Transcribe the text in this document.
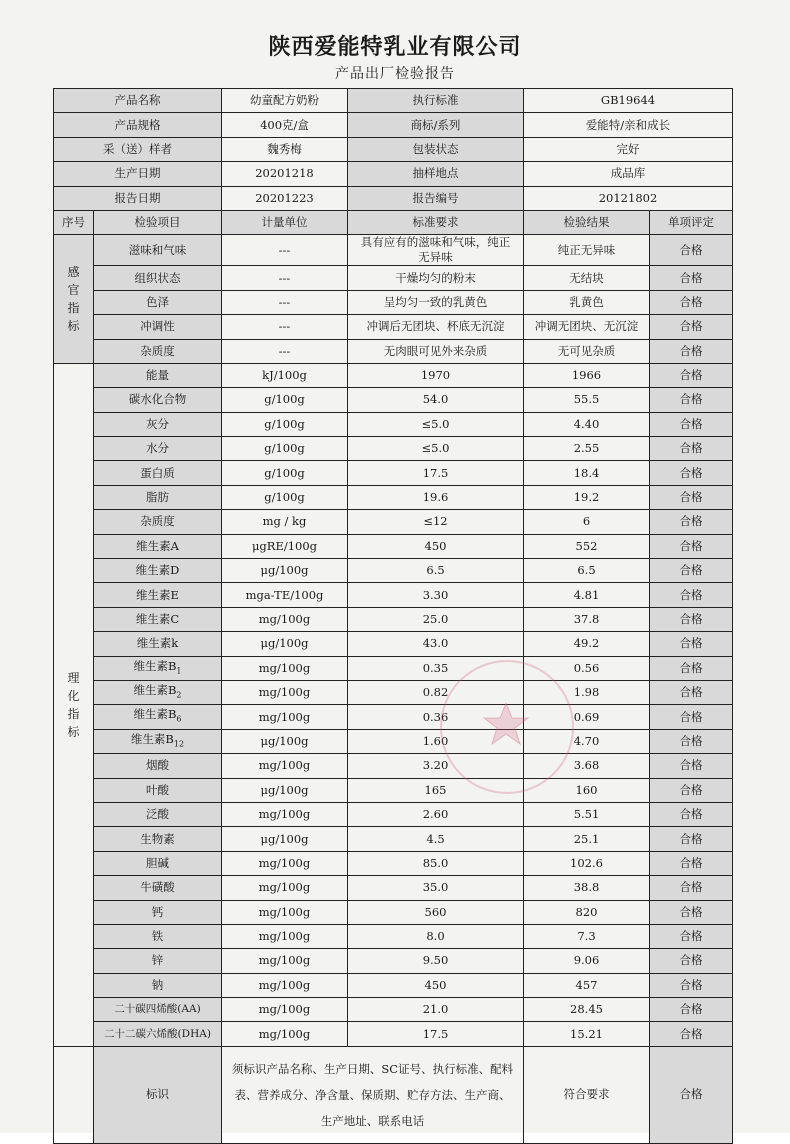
陕西爱能特乳业有限公司
产品出厂检验报告
产品名称		幼童配方奶粉	执行标准	GB19644	
产品规格		400克/盒	商标/系列	爱能特/亲和成长	
采（送）样者		魏秀梅	包装状态	完好	
生产日期		20201218	抽样地点	成品库	
报告日期		20201223	报告编号	20121802	
序号	检验项目	计量单位	标准要求	检验结果	单项评定
感
官
指
标	滋味和气味	---	具有应有的滋味和气味，纯正无异味	纯正无异味	合格
	组织状态	---	干燥均匀的粉末	无结块	合格
	色泽	---	呈均匀一致的乳黄色	乳黄色	合格
	冲调性	---	冲调后无团块、杯底无沉淀	冲调无团块、无沉淀	合格
	杂质度	---	无肉眼可见外来杂质	无可见杂质	合格
理
化
指
标	能量	kJ/100g	1970	1966	合格
	碳水化合物	g/100g	54.0	55.5	合格
	灰分	g/100g	≤5.0	4.40	合格
	水分	g/100g	≤5.0	2.55	合格
	蛋白质	g/100g	17.5	18.4	合格
	脂肪	g/100g	19.6	19.2	合格
	杂质度	mg / kg	≤12	6	合格
	维生素A	μgRE/100g	450	552	合格
	维生素D	μg/100g	6.5	6.5	合格
	维生素E	mga-TE/100g	3.30	4.81	合格
	维生素C	mg/100g	25.0	37.8	合格
	维生素k	μg/100g	43.0	49.2	合格
	维生素$B_1$	mg/100g	0.35	0.56	合格
	维生素$B_2$	mg/100g	0.82	1.98	合格
	维生素$B_6$	mg/100g	0.36	0.69	合格
	维生素$B_{12}$	μg/100g	1.60	4.70	合格
	烟酸	mg/100g	3.20	3.68	合格
	叶酸	μg/100g	165	160	合格
	泛酸	mg/100g	2.60	5.51	合格
	生物素	μg/100g	4.5	25.1	合格
	胆碱	mg/100g	85.0	102.6	合格
	牛磺酸	mg/100g	35.0	38.8	合格
	钙	mg/100g	560	820	合格
	铁	mg/100g	8.0	7.3	合格
	锌	mg/100g	9.50	9.06	合格
	钠	mg/100g	450	457	合格
	二十碳四烯酸(AA)	mg/100g	21.0	28.45	合格
	二十二碳六烯酸(DHA)	mg/100g	17.5	15.21	合格
	标识	须标识产品名称、生产日期、SC证号、执行标准、配料表、营养成分、净含量、保质期、贮存方法、生产商、生产地址、联系电话		符合要求	合格
